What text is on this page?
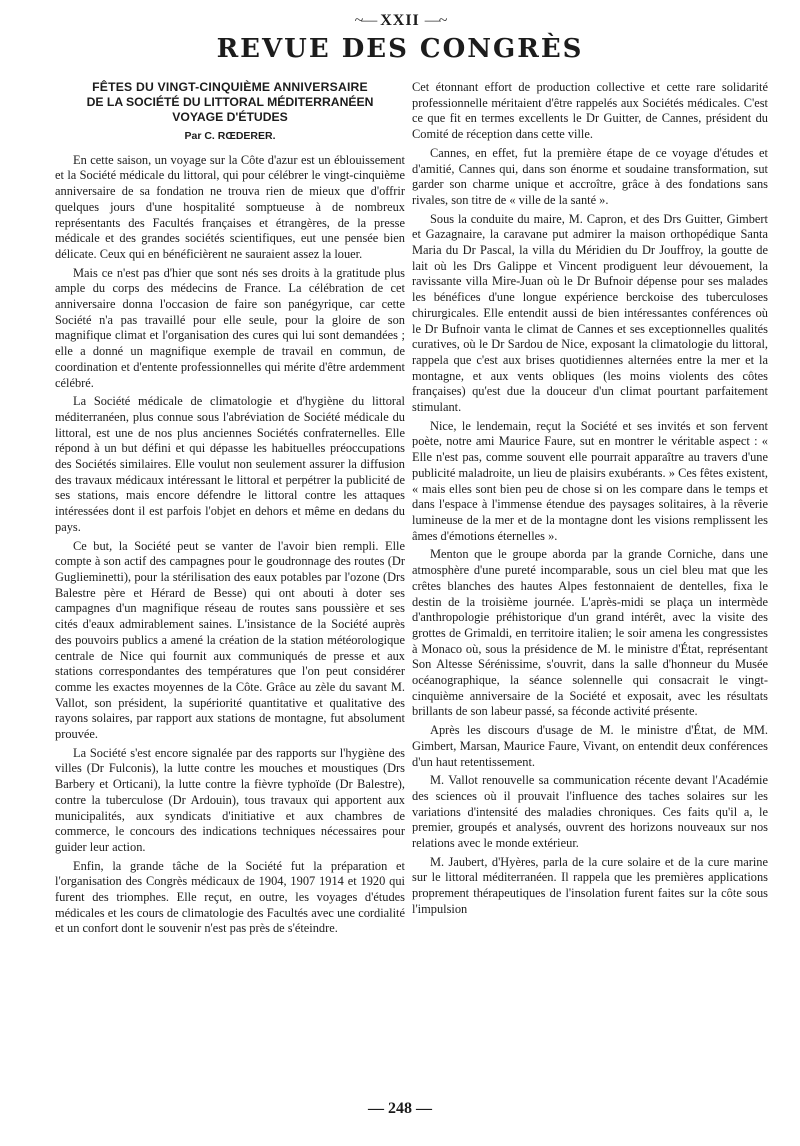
~— XXII —~
REVUE DES CONGRÈS
FÊTES DU VINGT-CINQUIÈME ANNIVERSAIRE
DE LA SOCIÉTÉ DU LITTORAL MÉDITERRANÉEN
VOYAGE D'ÉTUDES
Par C. RŒDERER.

En cette saison, un voyage sur la Côte d'azur est un éblouissement et la Société médicale du littoral, qui pour célébrer le vingt-cinquième anniversaire de sa fondation ne trouva rien de mieux que d'offrir quelques jours d'une hospitalité somptueuse à de nombreux représentants des Facultés françaises et étrangères, de la presse médicale et des grandes sociétés scientifiques, eut une pensée bien délicate. Ceux qui en bénéficièrent ne sauraient assez la louer.

Mais ce n'est pas d'hier que sont nés ses droits à la gratitude plus ample du corps des médecins de France. La célébration de cet anniversaire donna l'occasion de faire son panégyrique, car cette Société n'a pas travaillé pour elle seule, pour la gloire de son magnifique climat et l'organisation des cures qui lui sont demandées ; elle a donné un magnifique exemple de travail en commun, de coordination et d'entente professionnelles qui mérite d'être ardemment célébré.

La Société médicale de climatologie et d'hygiène du littoral méditerranéen, plus connue sous l'abréviation de Société médicale du littoral, est une de nos plus anciennes Sociétés confraternelles. Elle répond à un but défini et qui dépasse les habituelles préoccupations des Sociétés similaires. Elle voulut non seulement assurer la diffusion des travaux médicaux intéressant le littoral et perpétrer la publicité de ses stations, mais encore défendre le littoral contre les attaques intéressées dont il est parfois l'objet en dehors et même en dedans du pays.

Ce but, la Société peut se vanter de l'avoir bien rempli. Elle compte à son actif des campagnes pour le goudronnage des routes (Dr Guglieminetti), pour la stérilisation des eaux potables par l'ozone (Drs Balestre père et Hérard de Besse) qui ont abouti à doter ses campagnes d'un magnifique réseau de routes sans poussière et ses cités d'eaux admirablement saines. L'insistance de la Société auprès des pouvoirs publics a amené la création de la station météorologique centrale de Nice qui fournit aux communiqués de presse et aux stations correspondantes des températures que l'on peut considérer comme les exactes moyennes de la Côte. Grâce au zèle du savant M. Vallot, son président, la supériorité quantitative et qualitative des rayons solaires, par rapport aux stations de montagne, fut absolument prouvée.

La Société s'est encore signalée par des rapports sur l'hygiène des villes (Dr Fulconis), la lutte contre les mouches et moustiques (Drs Barbery et Orticani), la lutte contre la fièvre typhoïde (Dr Balestre), contre la tuberculose (Dr Ardouin), tous travaux qui apportent aux municipalités, aux syndicats d'initiative et aux chambres de commerce, le concours des indications techniques nécessaires pour guider leur action.

Enfin, la grande tâche de la Société fut la préparation et l'organisation des Congrès médicaux de 1904, 1907 1914 et 1920 qui furent des triomphes. Elle reçut, en outre, les voyages d'études médicales et les cours de climatologie des Facultés avec une cordialité et un confort dont le souvenir n'est pas près de s'éteindre.

Cet étonnant effort de production collective et cette rare solidarité professionnelle méritaient d'être rappelés aux Sociétés médicales. C'est ce que fit en termes excellents le Dr Guitter, de Cannes, président du Comité de réception dans cette ville.

Cannes, en effet, fut la première étape de ce voyage d'études et d'amitié, Cannes qui, dans son énorme et soudaine transformation, sut garder son charme unique et accroître, grâce à des fondations sans rivales, son titre de « ville de la santé ».

Sous la conduite du maire, M. Capron, et des Drs Guitter, Gimbert et Gazagnaire, la caravane put admirer la maison orthopédique Santa Maria du Dr Pascal, la villa du Méridien du Dr Jouffroy, la goutte de lait où les Drs Galippe et Vincent prodiguent leur dévouement, la ravissante villa Mire-Juan où le Dr Bufnoir dépense pour ses malades les bénéfices d'une longue expérience berckoise des tuberculoses chirurgicales. Elle entendit aussi de bien intéressantes conférences où le Dr Bufnoir vanta le climat de Cannes et ses exceptionnelles qualités curatives, où le Dr Sardou de Nice, exposant la climatologie du littoral, rappela que c'est aux brises quotidiennes alternées entre la mer et la montagne, et aux vents obliques (les moins violents des côtes françaises) qu'est due la douceur d'un climat pourtant parfaitement stimulant.

Nice, le lendemain, reçut la Société et ses invités et son fervent poète, notre ami Maurice Faure, sut en montrer le véritable aspect : « Elle n'est pas, comme souvent elle pourrait apparaître au travers d'une publicité maladroite, un lieu de plaisirs exubérants. » Ces fêtes existent, « mais elles sont bien peu de chose si on les compare dans le temps et dans l'espace à l'immense étendue des paysages solitaires, à la rêverie lumineuse de la mer et de la montagne dont les visions remplissent les âmes d'émotions éternelles ».

Menton que le groupe aborda par la grande Corniche, dans une atmosphère d'une pureté incomparable, sous un ciel bleu mat que les crêtes blanches des hautes Alpes festonnaient de dentelles, fixa le destin de la troisième journée. L'après-midi se plaça un intermède d'anthropologie préhistorique d'un grand intérêt, avec la visite des grottes de Grimaldi, en territoire italien; le soir amena les congressistes à Monaco où, sous la présidence de M. le ministre d'État, représentant Son Altesse Sérénissime, s'ouvrit, dans la salle d'honneur du Musée océanographique, la séance solennelle qui consacrait le vingt-cinquième anniversaire de la Société et exposait, avec les résultats brillants de son labeur passé, sa féconde activité présente.

Après les discours d'usage de M. le ministre d'État, de MM. Gimbert, Marsan, Maurice Faure, Vivant, on entendit deux conférences d'un haut retentissement.

M. Vallot renouvelle sa communication récente devant l'Académie des sciences où il prouvait l'influence des taches solaires sur les variations d'intensité des maladies chroniques. Ces faits qu'il a, le premier, groupés et analysés, ouvrent des horizons nouveaux sur nos relations avec le monde extérieur.

M. Jaubert, d'Hyères, parla de la cure solaire et de la cure marine sur le littoral méditerranéen. Il rappela que les premières applications proprement thérapeutiques de l'insolation furent faites sur la côte sous l'impulsion

— 248 —
